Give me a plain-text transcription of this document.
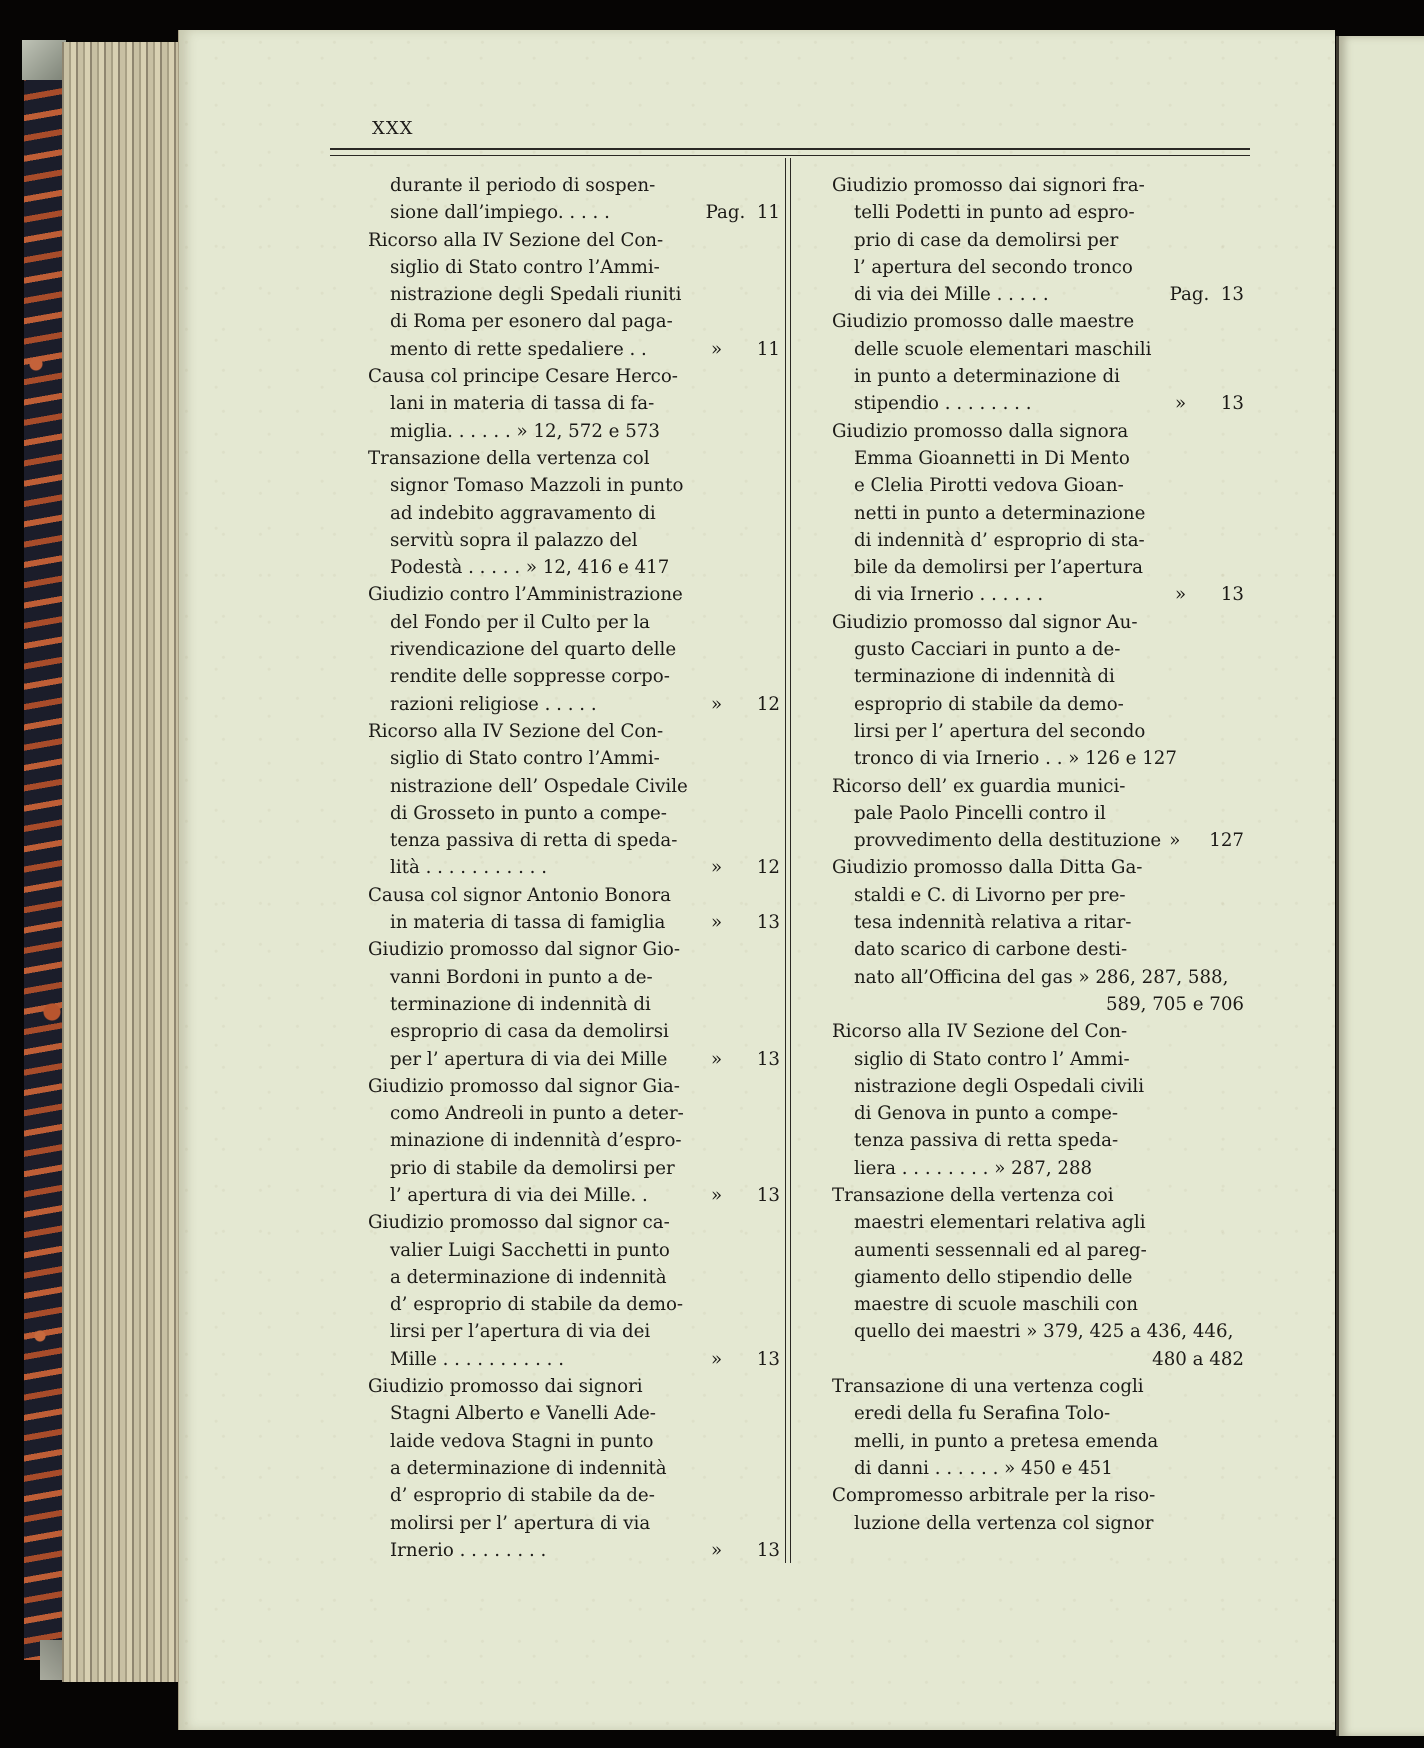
XXX
durante il periodo di sospen-
sione dall’impiego. . . . .	Pag.  11
Ricorso alla IV Sezione del Con-
siglio di Stato contro l’Ammi-
nistrazione degli Spedali riuniti
di Roma per esonero dal paga-
mento di rette spedaliere . .	»      11
Causa col principe Cesare Herco-
lani in materia di tassa di fa-
miglia. . . . . . » 12, 572 e 573
Transazione della vertenza col
signor Tomaso Mazzoli in punto
ad indebito aggravamento di
servitù sopra il palazzo del
Podestà . . . . . » 12, 416 e 417
Giudizio contro l’Amministrazione
del Fondo per il Culto per la
rivendicazione del quarto delle
rendite delle soppresse corpo-
razioni religiose . . . . .	»      12
Ricorso alla IV Sezione del Con-
siglio di Stato contro l’Ammi-
nistrazione dell’ Ospedale Civile
di Grosseto in punto a compe-
tenza passiva di retta di speda-
lità . . . . . . . . . . .	»      12
Causa col signor Antonio Bonora
in materia di tassa di famiglia	»      13
Giudizio promosso dal signor Gio-
vanni Bordoni in punto a de-
terminazione di indennità di
esproprio di casa da demolirsi
per l’ apertura di via dei Mille »      13
Giudizio promosso dal signor Gia-
como Andreoli in punto a deter-
minazione di indennità d’espro-
prio di stabile da demolirsi per
l’ apertura di via dei Mille. .	»      13
Giudizio promosso dal signor ca-
valier Luigi Sacchetti in punto
a determinazione di indennità
d’ esproprio di stabile da demo-
lirsi per l’apertura di via dei
Mille . . . . . . . . . . .	»      13
Giudizio promosso dai signori
Stagni Alberto e Vanelli Ade-
laide vedova Stagni in punto
a determinazione di indennità
d’ esproprio di stabile da de-
molirsi per l’ apertura di via
Irnerio . . . . . . . .	»      13
Giudizio promosso dai signori fra-
telli Podetti in punto ad espro-
prio di case da demolirsi per
l’ apertura del secondo tronco
di via dei Mille . . . . .	Pag.  13
Giudizio promosso dalle maestre
delle scuole elementari maschili
in punto a determinazione di
stipendio . . . . . . . .	»      13
Giudizio promosso dalla signora
Emma Gioannetti in Di Mento
e Clelia Pirotti vedova Gioan-
netti in punto a determinazione
di indennità d’ esproprio di sta-
bile da demolirsi per l’apertura
di via Irnerio . . . . . .	»      13
Giudizio promosso dal signor Au-
gusto Cacciari in punto a de-
terminazione di indennità di
esproprio di stabile da demo-
lirsi per l’ apertura del secondo
tronco di via Irnerio . . » 126 e 127
Ricorso dell’ ex guardia munici-
pale Paolo Pincelli contro il
provvedimento della destituzione »     127
Giudizio promosso dalla Ditta Ga-
staldi e C. di Livorno per pre-
tesa indennità relativa a ritar-
dato scarico di carbone desti-
nato all’Officina del gas » 286, 287, 588,
589, 705 e 706
Ricorso alla IV Sezione del Con-
siglio di Stato contro l’ Ammi-
nistrazione degli Ospedali civili
di Genova in punto a compe-
tenza passiva di retta speda-
liera . . . . . . . . » 287, 288
Transazione della vertenza coi
maestri elementari relativa agli
aumenti sessennali ed al pareg-
giamento dello stipendio delle
maestre di scuole maschili con
quello dei maestri » 379, 425 a 436, 446,
480 a 482
Transazione di una vertenza cogli
eredi della fu Serafina Tolo-
melli, in punto a pretesa emenda
di danni . . . . . . » 450 e 451
Compromesso arbitrale per la riso-
luzione della vertenza col signor
